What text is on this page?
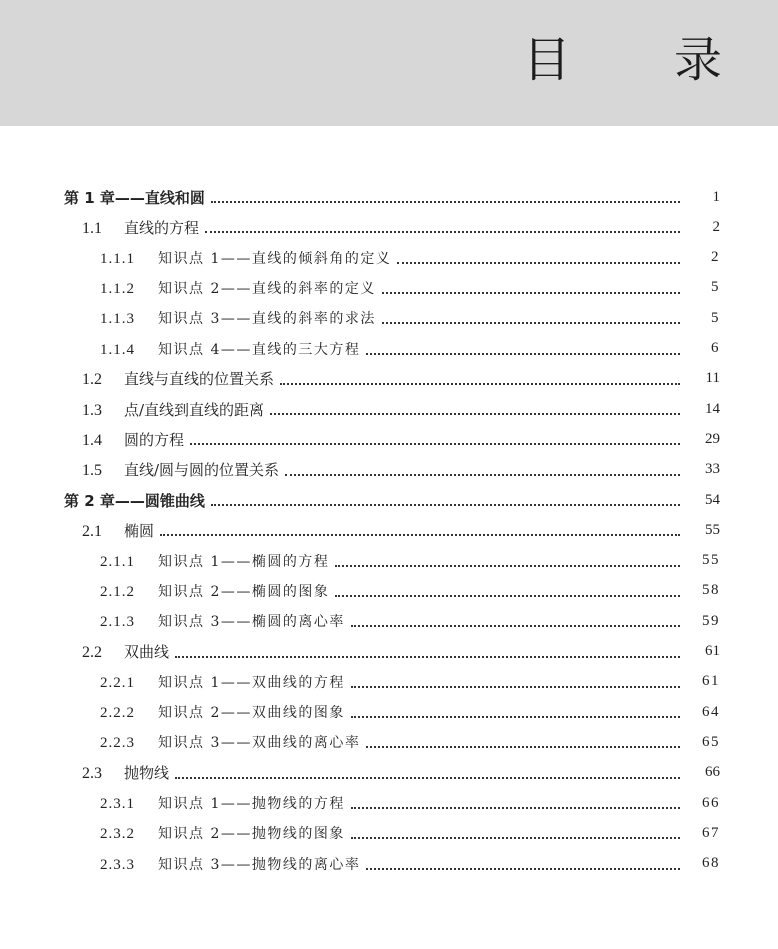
目 录
第 1 章——直线和圆	1
1.1 直线的方程	2
1.1.1 知识点 1——直线的倾斜角的定义	2
1.1.2 知识点 2——直线的斜率的定义	5
1.1.3 知识点 3——直线的斜率的求法	5
1.1.4 知识点 4——直线的三大方程	6
1.2 直线与直线的位置关系	11
1.3 点/直线到直线的距离	14
1.4 圆的方程	29
1.5 直线/圆与圆的位置关系	33
第 2 章——圆锥曲线	54
2.1 椭圆	55
2.1.1 知识点 1——椭圆的方程	55
2.1.2 知识点 2——椭圆的图象	58
2.1.3 知识点 3——椭圆的离心率	59
2.2 双曲线	61
2.2.1 知识点 1——双曲线的方程	61
2.2.2 知识点 2——双曲线的图象	64
2.2.3 知识点 3——双曲线的离心率	65
2.3 抛物线	66
2.3.1 知识点 1——抛物线的方程	66
2.3.2 知识点 2——抛物线的图象	67
2.3.3 知识点 3——抛物线的离心率	68
